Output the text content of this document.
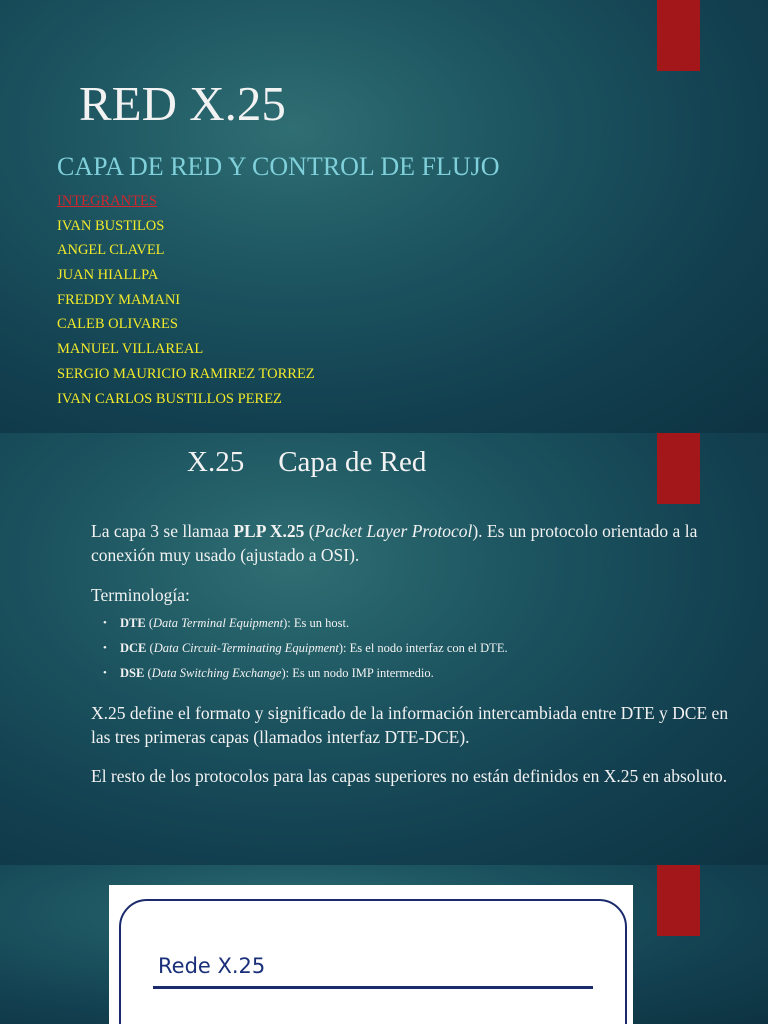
RED X.25
CAPA DE RED Y CONTROL DE FLUJO
INTEGRANTES
IVAN BUSTILOS
ANGEL CLAVEL
JUAN HIALLPA
FREDDY MAMANI
CALEB OLIVARES
MANUEL VILLAREAL
SERGIO MAURICIO RAMIREZ TORREZ
IVAN CARLOS BUSTILLOS PEREZ
X.25 Capa de Red
La capa 3 se llamaa PLP X.25 (Packet Layer Protocol). Es un protocolo orientado a la conexión muy usado (ajustado a OSI).
Terminología:
• DTE (Data Terminal Equipment): Es un host.
• DCE (Data Circuit-Terminating Equipment): Es el nodo interfaz con el DTE.
• DSE (Data Switching Exchange): Es un nodo IMP intermedio.
X.25 define el formato y significado de la información intercambiada entre DTE y DCE en las tres primeras capas (llamados interfaz DTE-DCE).
El resto de los protocolos para las capas superiores no están definidos en X.25 en absoluto.
Rede X.25
